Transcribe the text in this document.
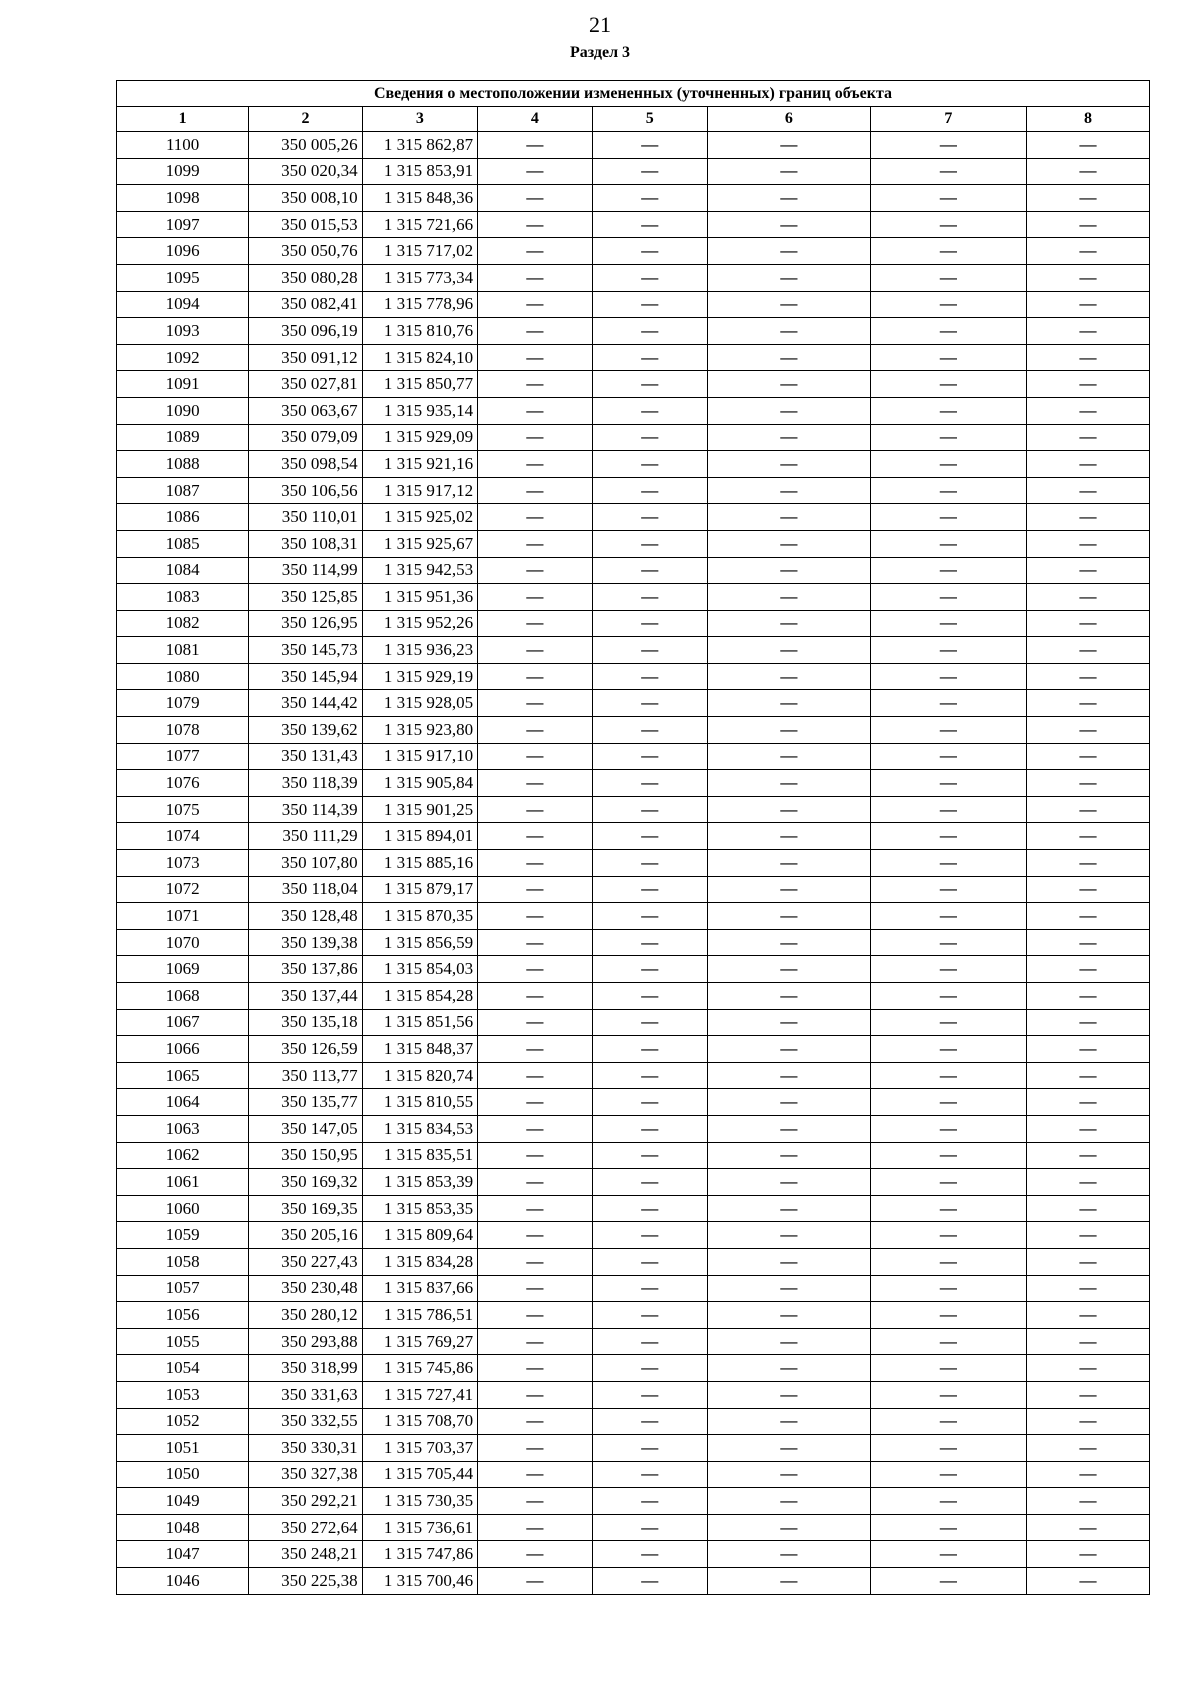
21
Раздел 3
Сведения о местоположении измененных (уточненных) границ объекта							
1	2	3	4	5	6	7	8
1100	350 005,26	1 315 862,87	—	—	—	—	—
1099	350 020,34	1 315 853,91	—	—	—	—	—
1098	350 008,10	1 315 848,36	—	—	—	—	—
1097	350 015,53	1 315 721,66	—	—	—	—	—
1096	350 050,76	1 315 717,02	—	—	—	—	—
1095	350 080,28	1 315 773,34	—	—	—	—	—
1094	350 082,41	1 315 778,96	—	—	—	—	—
1093	350 096,19	1 315 810,76	—	—	—	—	—
1092	350 091,12	1 315 824,10	—	—	—	—	—
1091	350 027,81	1 315 850,77	—	—	—	—	—
1090	350 063,67	1 315 935,14	—	—	—	—	—
1089	350 079,09	1 315 929,09	—	—	—	—	—
1088	350 098,54	1 315 921,16	—	—	—	—	—
1087	350 106,56	1 315 917,12	—	—	—	—	—
1086	350 110,01	1 315 925,02	—	—	—	—	—
1085	350 108,31	1 315 925,67	—	—	—	—	—
1084	350 114,99	1 315 942,53	—	—	—	—	—
1083	350 125,85	1 315 951,36	—	—	—	—	—
1082	350 126,95	1 315 952,26	—	—	—	—	—
1081	350 145,73	1 315 936,23	—	—	—	—	—
1080	350 145,94	1 315 929,19	—	—	—	—	—
1079	350 144,42	1 315 928,05	—	—	—	—	—
1078	350 139,62	1 315 923,80	—	—	—	—	—
1077	350 131,43	1 315 917,10	—	—	—	—	—
1076	350 118,39	1 315 905,84	—	—	—	—	—
1075	350 114,39	1 315 901,25	—	—	—	—	—
1074	350 111,29	1 315 894,01	—	—	—	—	—
1073	350 107,80	1 315 885,16	—	—	—	—	—
1072	350 118,04	1 315 879,17	—	—	—	—	—
1071	350 128,48	1 315 870,35	—	—	—	—	—
1070	350 139,38	1 315 856,59	—	—	—	—	—
1069	350 137,86	1 315 854,03	—	—	—	—	—
1068	350 137,44	1 315 854,28	—	—	—	—	—
1067	350 135,18	1 315 851,56	—	—	—	—	—
1066	350 126,59	1 315 848,37	—	—	—	—	—
1065	350 113,77	1 315 820,74	—	—	—	—	—
1064	350 135,77	1 315 810,55	—	—	—	—	—
1063	350 147,05	1 315 834,53	—	—	—	—	—
1062	350 150,95	1 315 835,51	—	—	—	—	—
1061	350 169,32	1 315 853,39	—	—	—	—	—
1060	350 169,35	1 315 853,35	—	—	—	—	—
1059	350 205,16	1 315 809,64	—	—	—	—	—
1058	350 227,43	1 315 834,28	—	—	—	—	—
1057	350 230,48	1 315 837,66	—	—	—	—	—
1056	350 280,12	1 315 786,51	—	—	—	—	—
1055	350 293,88	1 315 769,27	—	—	—	—	—
1054	350 318,99	1 315 745,86	—	—	—	—	—
1053	350 331,63	1 315 727,41	—	—	—	—	—
1052	350 332,55	1 315 708,70	—	—	—	—	—
1051	350 330,31	1 315 703,37	—	—	—	—	—
1050	350 327,38	1 315 705,44	—	—	—	—	—
1049	350 292,21	1 315 730,35	—	—	—	—	—
1048	350 272,64	1 315 736,61	—	—	—	—	—
1047	350 248,21	1 315 747,86	—	—	—	—	—
1046	350 225,38	1 315 700,46	—	—	—	—	—
